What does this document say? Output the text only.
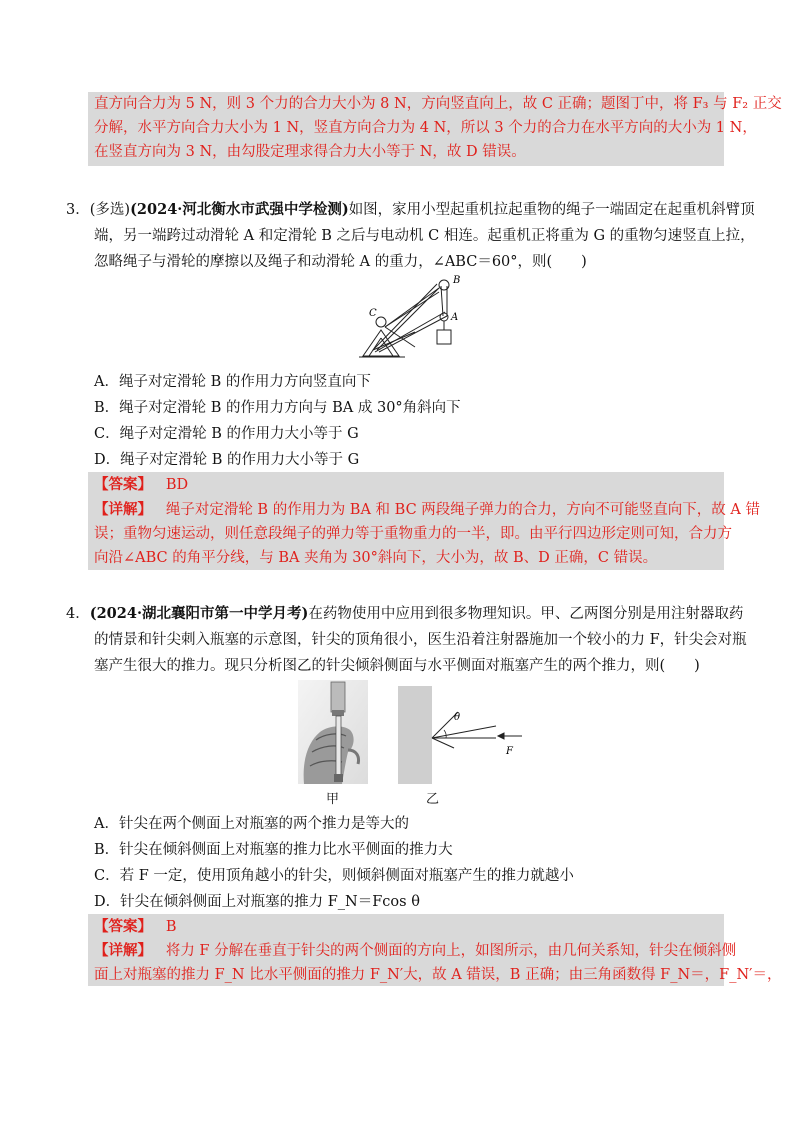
直方向合力为 5 N，则 3 个力的合力大小为 8 N，方向竖直向上，故 C 正确；题图丁中，将 F₃ 与 F₂ 正交
分解，水平方向合力大小为 1 N，竖直方向合力为 4 N，所以 3 个力的合力在水平方向的大小为 1 N，
在竖直方向为 3 N，由勾股定理求得合力大小等于 N，故 D 错误。
3．(多选)(2024·河北衡水市武强中学检测)如图，家用小型起重机拉起重物的绳子一端固定在起重机斜臂顶
端，另一端跨过动滑轮 A 和定滑轮 B 之后与电动机 C 相连。起重机正将重为 G 的重物匀速竖直上拉，
忽略绳子与滑轮的摩擦以及绳子和动滑轮 A 的重力，∠ABC＝60°，则(　　)
B
C	A
A．绳子对定滑轮 B 的作用力方向竖直向下
B．绳子对定滑轮 B 的作用力方向与 BA 成 30°角斜向下
C．绳子对定滑轮 B 的作用力大小等于 G
D．绳子对定滑轮 B 的作用力大小等于 G
【答案】 BD
【详解】 绳子对定滑轮 B 的作用力为 BA 和 BC 两段绳子弹力的合力，方向不可能竖直向下，故 A 错
误；重物匀速运动，则任意段绳子的弹力等于重物重力的一半，即。由平行四边形定则可知，合力方
向沿∠ABC 的角平分线，与 BA 夹角为 30°斜向下，大小为，故 B、D 正确，C 错误。
4．(2024·湖北襄阳市第一中学月考)在药物使用中应用到很多物理知识。甲、乙两图分别是用注射器取药
的情景和针尖刺入瓶塞的示意图，针尖的顶角很小，医生沿着注射器施加一个较小的力 F，针尖会对瓶
塞产生很大的推力。现只分析图乙的针尖倾斜侧面与水平侧面对瓶塞产生的两个推力，则(　　)
甲
θ
F
乙
A．针尖在两个侧面上对瓶塞的两个推力是等大的
B．针尖在倾斜侧面上对瓶塞的推力比水平侧面的推力大
C．若 F 一定，使用顶角越小的针尖，则倾斜侧面对瓶塞产生的推力就越小
D．针尖在倾斜侧面上对瓶塞的推力 F_N＝Fcos θ
【答案】 B
【详解】 将力 F 分解在垂直于针尖的两个侧面的方向上，如图所示，由几何关系知，针尖在倾斜侧
面上对瓶塞的推力 F_N 比水平侧面的推力 F_N′大，故 A 错误，B 正确；由三角函数得 F_N＝，F_N′＝，
